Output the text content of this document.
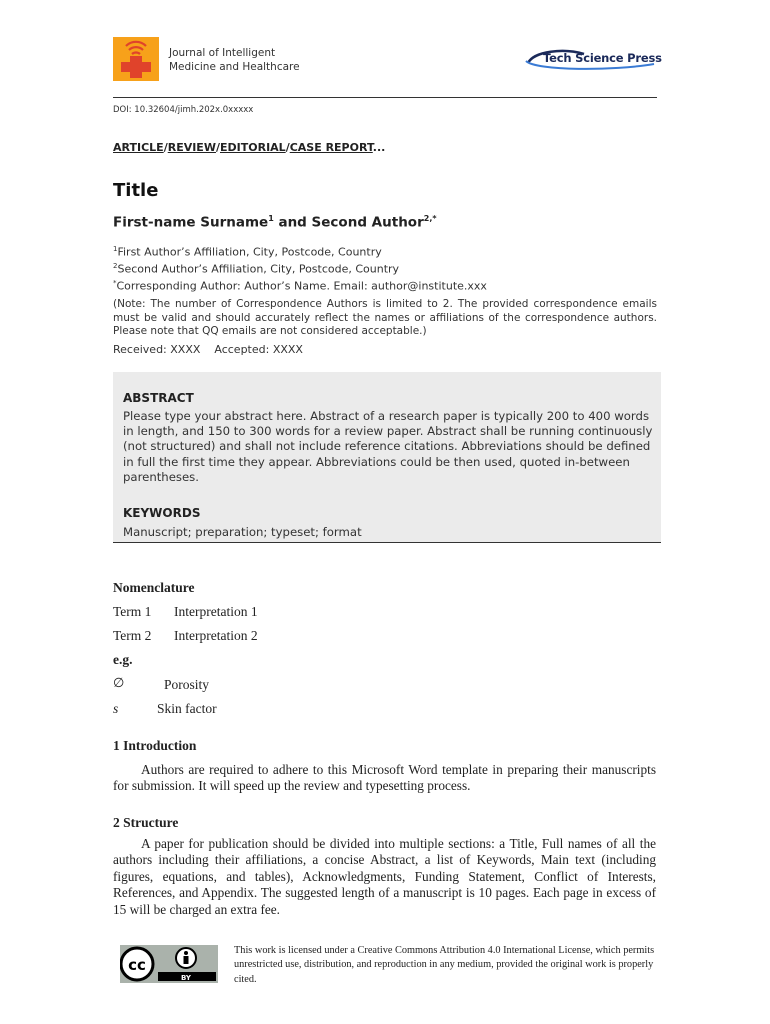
Journal of Intelligent
Medicine and Healthcare
Tech Science Press
DOI: 10.32604/jimh.202x.0xxxxx
ARTICLE/REVIEW/EDITORIAL/CASE REPORT...
Title
First-name Surname$^1$ and Second Author$^{2,*}$
$^1$First Author’s Affiliation, City, Postcode, Country
$^2$Second Author’s Affiliation, City, Postcode, Country
*Corresponding Author: Author’s Name. Email: author@institute.xxx
(Note: The number of Correspondence Authors is limited to 2. The provided correspondence emails must be valid and should accurately reflect the names or affiliations of the correspondence authors. Please note that QQ emails are not considered acceptable.)
Received: XXXX    Accepted: XXXX
ABSTRACT
Please type your abstract here. Abstract of a research paper is typically 200 to 400 words in length, and 150 to 300 words for a review paper. Abstract shall be running continuously (not structured) and shall not include reference citations. Abbreviations should be defined in full the first time they appear. Abbreviations could be then used, quoted in-between parentheses.
KEYWORDS
Manuscript; preparation; typeset; format
Nomenclature
Term 1 Interpretation 1
Term 2 Interpretation 2
e.g.
∅	Porosity
s	Skin factor
1 Introduction
Authors are required to adhere to this Microsoft Word template in preparing their manuscripts for submission. It will speed up the review and typesetting process.
2 Structure
A paper for publication should be divided into multiple sections: a Title, Full names of all the authors including their affiliations, a concise Abstract, a list of Keywords, Main text (including figures, equations, and tables), Acknowledgments, Funding Statement, Conflict of Interests, References, and Appendix. The suggested length of a manuscript is 10 pages. Each page in excess of 15 will be charged an extra fee.
cc
BY
This work is licensed under a Creative Commons Attribution 4.0 International License, which permits unrestricted use, distribution, and reproduction in any medium, provided the original work is properly cited.
